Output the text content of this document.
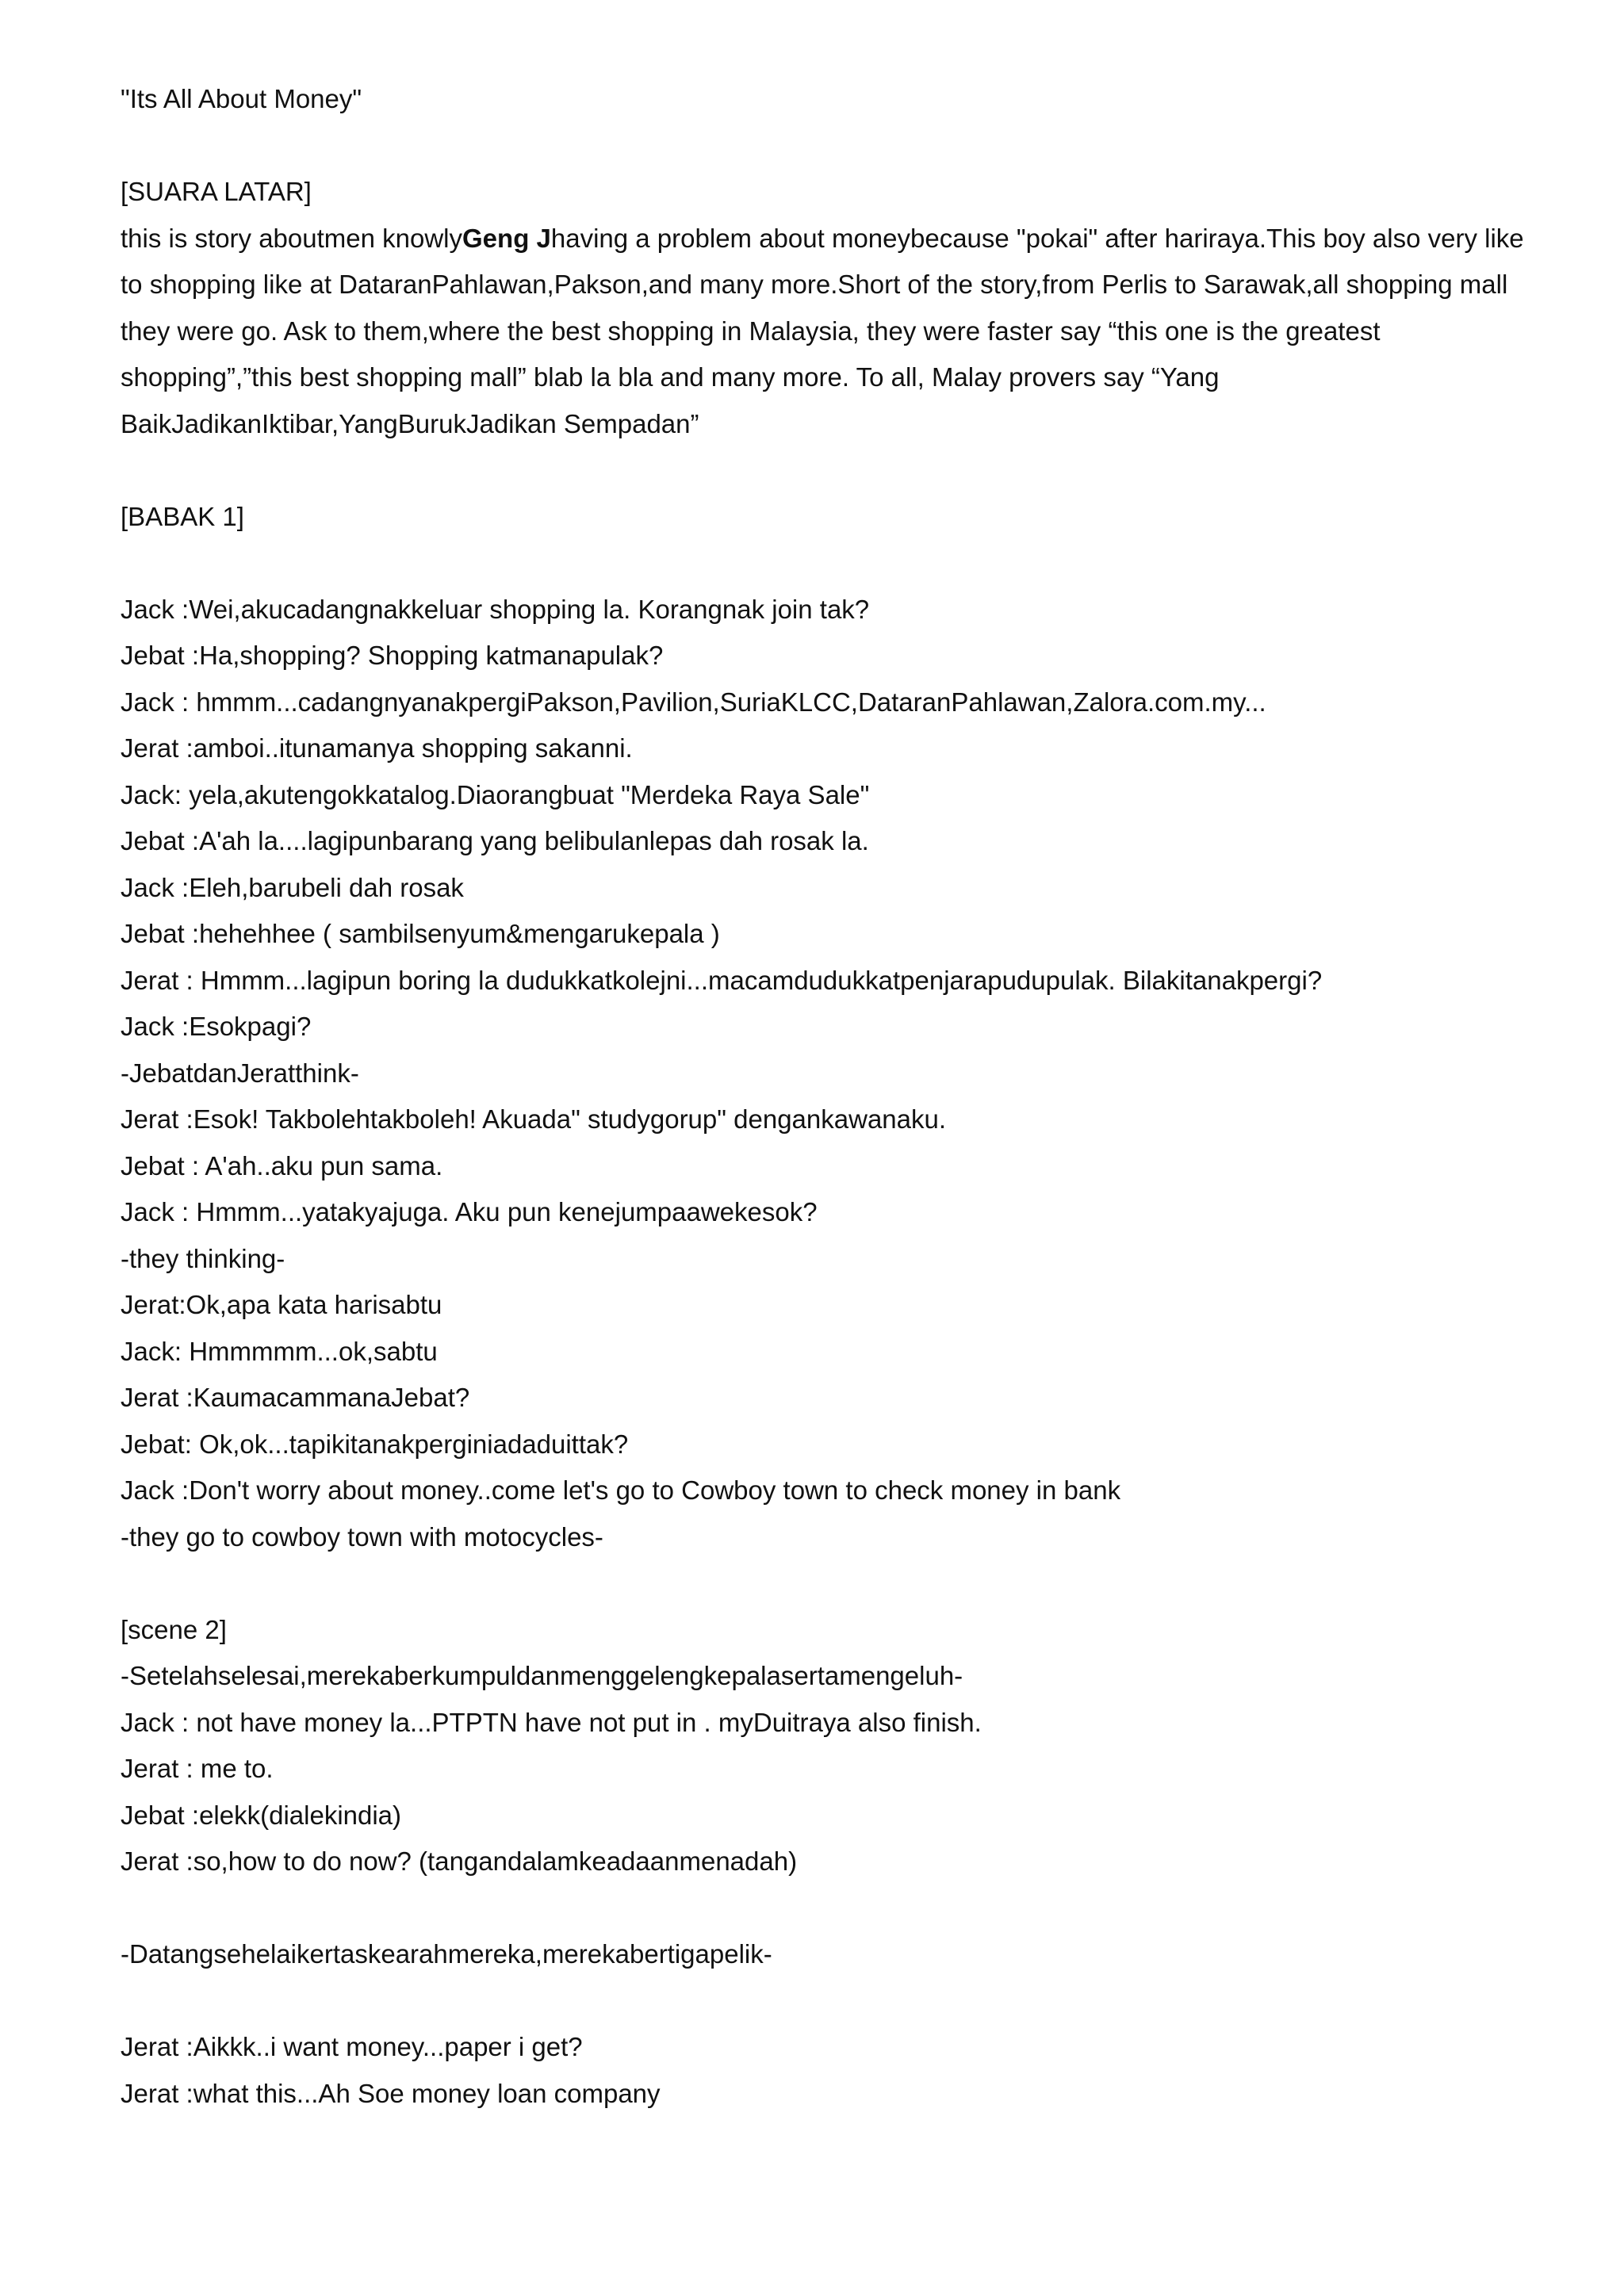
"Its All About Money"

[SUARA LATAR]

this is story aboutmen knowlyGeng Jhaving a problem about moneybecause "pokai" after hariraya.This boy also very like to shopping like at DataranPahlawan,Pakson,and many more.Short of the story,from Perlis to Sarawak,all shopping mall they were go. Ask to them,where the best shopping in Malaysia, they were faster say “this one is the greatest shopping”,”this best shopping mall” blab la bla and many more. To all, Malay provers say “Yang BaikJadikanIktibar,YangBurukJadikan Sempadan”

[BABAK 1]

Jack :Wei,akucadangnakkeluar shopping la. Korangnak join tak?

Jebat :Ha,shopping? Shopping katmanapulak?

Jack : hmmm...cadangnyanakpergiPakson,Pavilion,SuriaKLCC,DataranPahlawan,Zalora.com.my...

Jerat :amboi..itunamanya shopping sakanni.

Jack: yela,akutengokkatalog.Diaorangbuat "Merdeka Raya Sale"

Jebat :A'ah la....lagipunbarang yang belibulanlepas dah rosak la.

Jack :Eleh,barubeli dah rosak

Jebat :hehehhee ( sambilsenyum&mengarukepala )

Jerat : Hmmm...lagipun boring la dudukkatkolejni...macamdudukkatpenjarapudupulak. Bilakitanakpergi?

Jack :Esokpagi?

-JebatdanJeratthink-

Jerat :Esok! Takbolehtakboleh! Akuada" studygorup" dengankawanaku.

Jebat : A'ah..aku pun sama.

Jack : Hmmm...yatakyajuga. Aku pun kenejumpaawekesok?

-they thinking-

Jerat:Ok,apa kata harisabtu

Jack: Hmmmmm...ok,sabtu

Jerat :KaumacammanaJebat?

Jebat: Ok,ok...tapikitanakperginiadaduittak?

Jack :Don't worry about money..come let's go to Cowboy town to check money in bank

-they go to cowboy town with motocycles-

[scene 2]

-Setelahselesai,merekaberkumpuldanmenggelengkepalasertamengeluh-

Jack : not have money la...PTPTN have not put in . myDuitraya also finish.

Jerat : me to.

Jebat :elekk(dialekindia)

Jerat :so,how to do now? (tangandalamkeadaanmenadah)

-Datangsehelaikertaskearahmereka,merekabertigapelik-

Jerat :Aikkk..i want money...paper i get?

Jerat :what this...Ah Soe money loan company
